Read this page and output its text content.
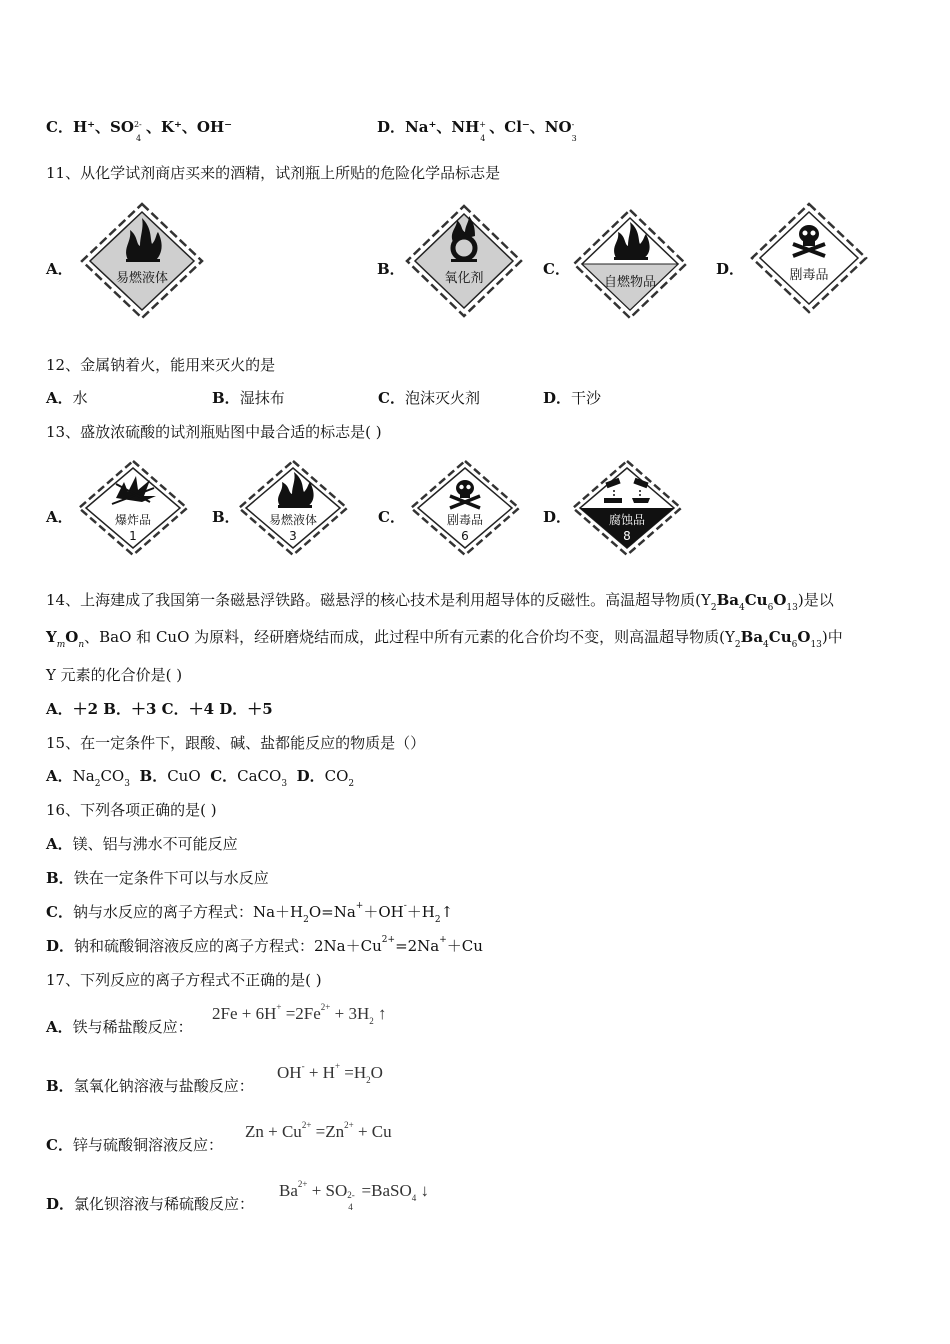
C．H⁺、SO 2-
4
、K⁺、OH⁻	D．Na⁺、NH +
4
、Cl⁻、NO -
3
11、从化学试剂商店买来的酒精，试剂瓶上所贴的危险化学品标志是
A．
易燃液体
B．
氧化剂
C．
自燃物品
D．	剧毒品
12、金属钠着火，能用来灭火的是
A．水	B．湿抹布	C．泡沫灭火剂	D．干沙
13、盛放浓硫酸的试剂瓶贴图中最合适的标志是( )
A．	爆炸品
1
B． 易燃液体
3
C．	剧毒品
6
D．	腐蚀品
8
14、上海建成了我国第一条磁悬浮铁路。磁悬浮的核心技术是利用超导体的反磁性。高温超导物质$(Y_2Ba_4Cu_6O_{13})$是以
$Y_mO_n$、BaO 和 CuO 为原料，经研磨烧结而成，此过程中所有元素的化合价均不变，则高温超导物质$(Y_2Ba_4Cu_6O_{13})$中
Y 元素的化合价是( )
A．＋2 B．＋3 C．＋4 D．＋5
15、在一定条件下，跟酸、碱、盐都能反应的物质是（）
A．$Na_2CO_3$ B．CuO C．CaCO$_3$ D．$CO_2$
16、下列各项正确的是( )
A．镁、铝与沸水不可能反应
B．铁在一定条件下可以与水反应
C．钠与水反应的离子方程式：$Na+H_2O=Na^++OH^-+H_2↑$
D．钠和硫酸铜溶液反应的离子方程式：$2Na+Cu^{2+}=2Na^++Cu$
17、下列反应的离子方程式不正确的是( )
A．铁与稀盐酸反应：
$2Fe + 6H^+ =2Fe^{2+} + 3H_2$ ↑
B．氢氧化钠溶液与盐酸反应：
$OH^- + H^+ =H_2O$
C．锌与硫酸铜溶液反应：
$Zn + Cu^{2+} =Zn^{2+} + Cu$
D．氯化钡溶液与稀硫酸反应：
$Ba^{2+}$ + SO 2-
4
=BaSO$_4$ ↓
